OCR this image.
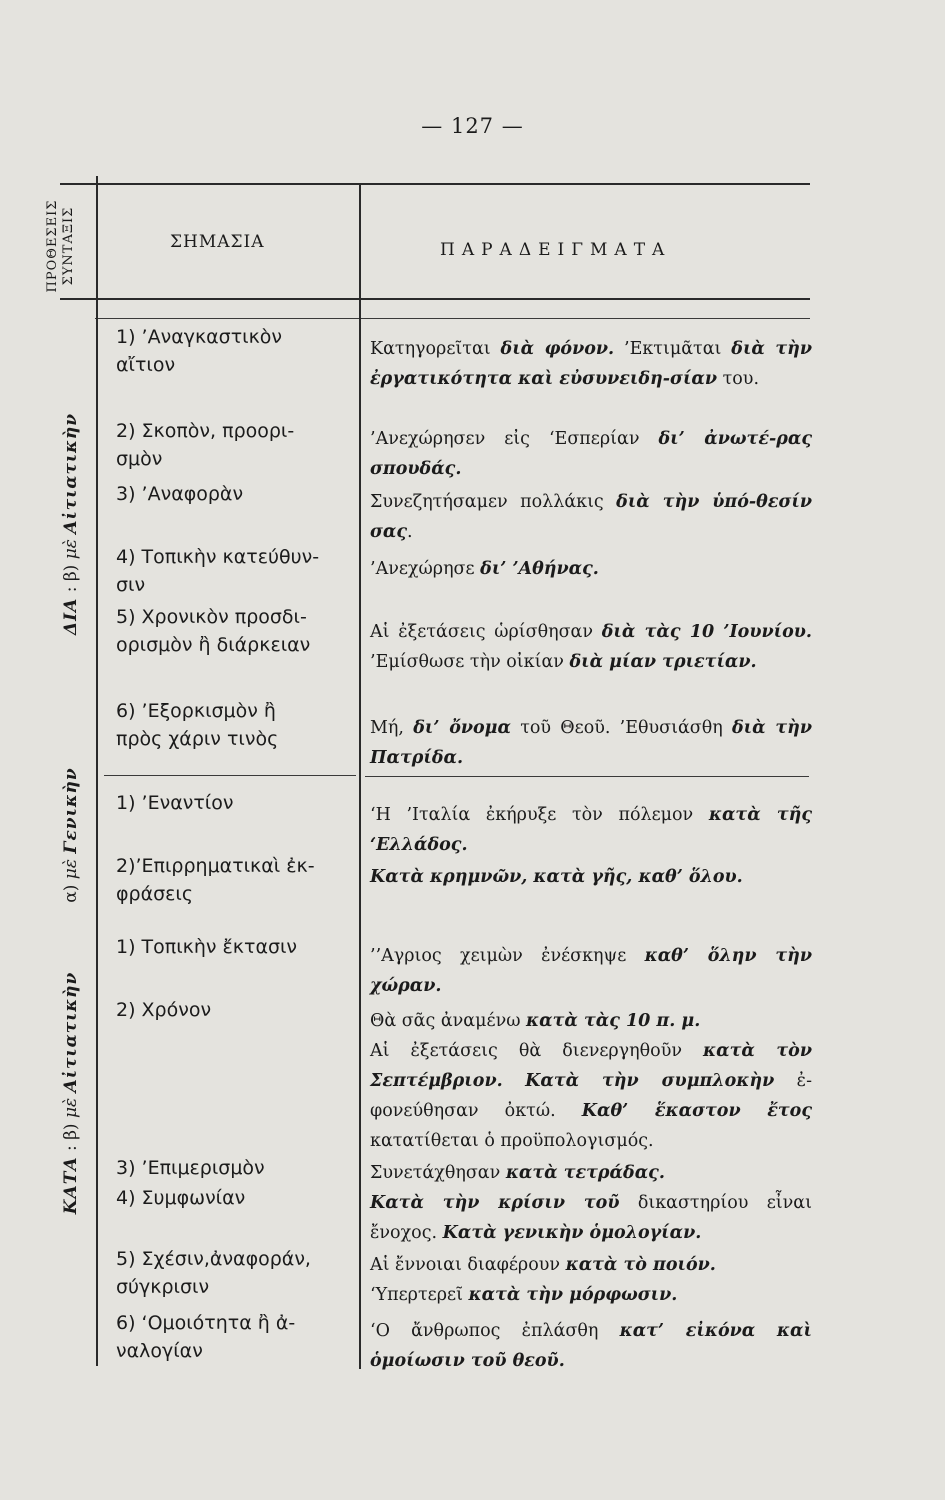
— 127 —
ΠΡΟΘΕΣΕΙΣ ΣΥΝΤΑΞΙΣ	ΣΗΜΑΣΙΑ	ΠΑΡΑΔΕΙΓΜΑΤΑ
ΔΙΑ : β) μὲ Αἰτιατικὴν
α) μὲ Γενικὴν
ΚΑΤΑ : β) μὲ Αἰτιατικὴν
1) ’Αναγκαστικὸν
αἴτιον
2) Σκοπὸν, προορι-
σμὸν
3) ’Αναφορὰν
4) Τοπικὴν κατεύθυν-
σιν
5) Χρονικὸν προσδι-
ορισμὸν ἢ διάρκειαν
6) ’Εξορκισμὸν ἢ
πρὸς χάριν τινὸς
1) ’Εναντίον
2)’Επιρρηματικαὶ ἐκ-
φράσεις
1) Τοπικὴν ἔκτασιν
2) Χρόνον
3) ’Επιμερισμὸν
4) Συμφωνίαν
5) Σχέσιν,ἀναφοράν,
σύγκρισιν
6) ‘Ομοιότητα ἢ ἀ-
ναλογίαν
Κατηγορεῖται διὰ φόνον. ’Εκτιμᾶται διὰ τὴν ἐργατικότητα καὶ εὐσυνειδη-σίαν του.
’Ανεχώρησεν εἰς ‘Εσπερίαν δι’ ἀνωτέ-ρας σπουδάς.
Συνεζητήσαμεν πολλάκις διὰ τὴν ὑπό-θεσίν σας.
’Ανεχώρησε δι’ ’Αθήνας.
Αἱ ἐξετάσεις ὡρίσθησαν διὰ τὰς 10 ’Ιουνίου. ’Εμίσθωσε τὴν οἰκίαν διὰ μίαν τριετίαν.
Μή, δι’ ὄνομα τοῦ Θεοῦ. ’Εθυσιάσθη διὰ τὴν Πατρίδα.
‘Η ’Ιταλία ἐκήρυξε τὸν πόλεμον κατὰ τῆς ‘Ελλάδος.
Κατὰ κρημνῶν, κατὰ γῆς, καθ’ ὅλου.
’’Αγριος χειμὼν ἐνέσκηψε καθ’ ὅλην τὴν χώραν.
Θὰ σᾶς ἀναμένω κατὰ τὰς 10 π. μ.
Αἱ ἐξετάσεις θὰ διενεργηθοῦν κατὰ τὸν Σεπτέμβριον. Κατὰ τὴν συμπλοκὴν ἐ-φονεύθησαν ὀκτώ. Καθ’ ἕκαστον ἔτος κατατίθεται ὁ προϋπολογισμός.
Συνετάχθησαν κατὰ τετράδας.
Κατὰ τὴν κρίσιν τοῦ δικαστηρίου εἶναι ἔνοχος. Κατὰ γενικὴν ὁμολογίαν.
Αἱ ἔννοιαι διαφέρουν κατὰ τὸ ποιόν.
‘Υπερτερεῖ κατὰ τὴν μόρφωσιν.
‘Ο ἄνθρωπος ἐπλάσθη κατ’ εἰκόνα καὶ ὁμοίωσιν τοῦ θεοῦ.
